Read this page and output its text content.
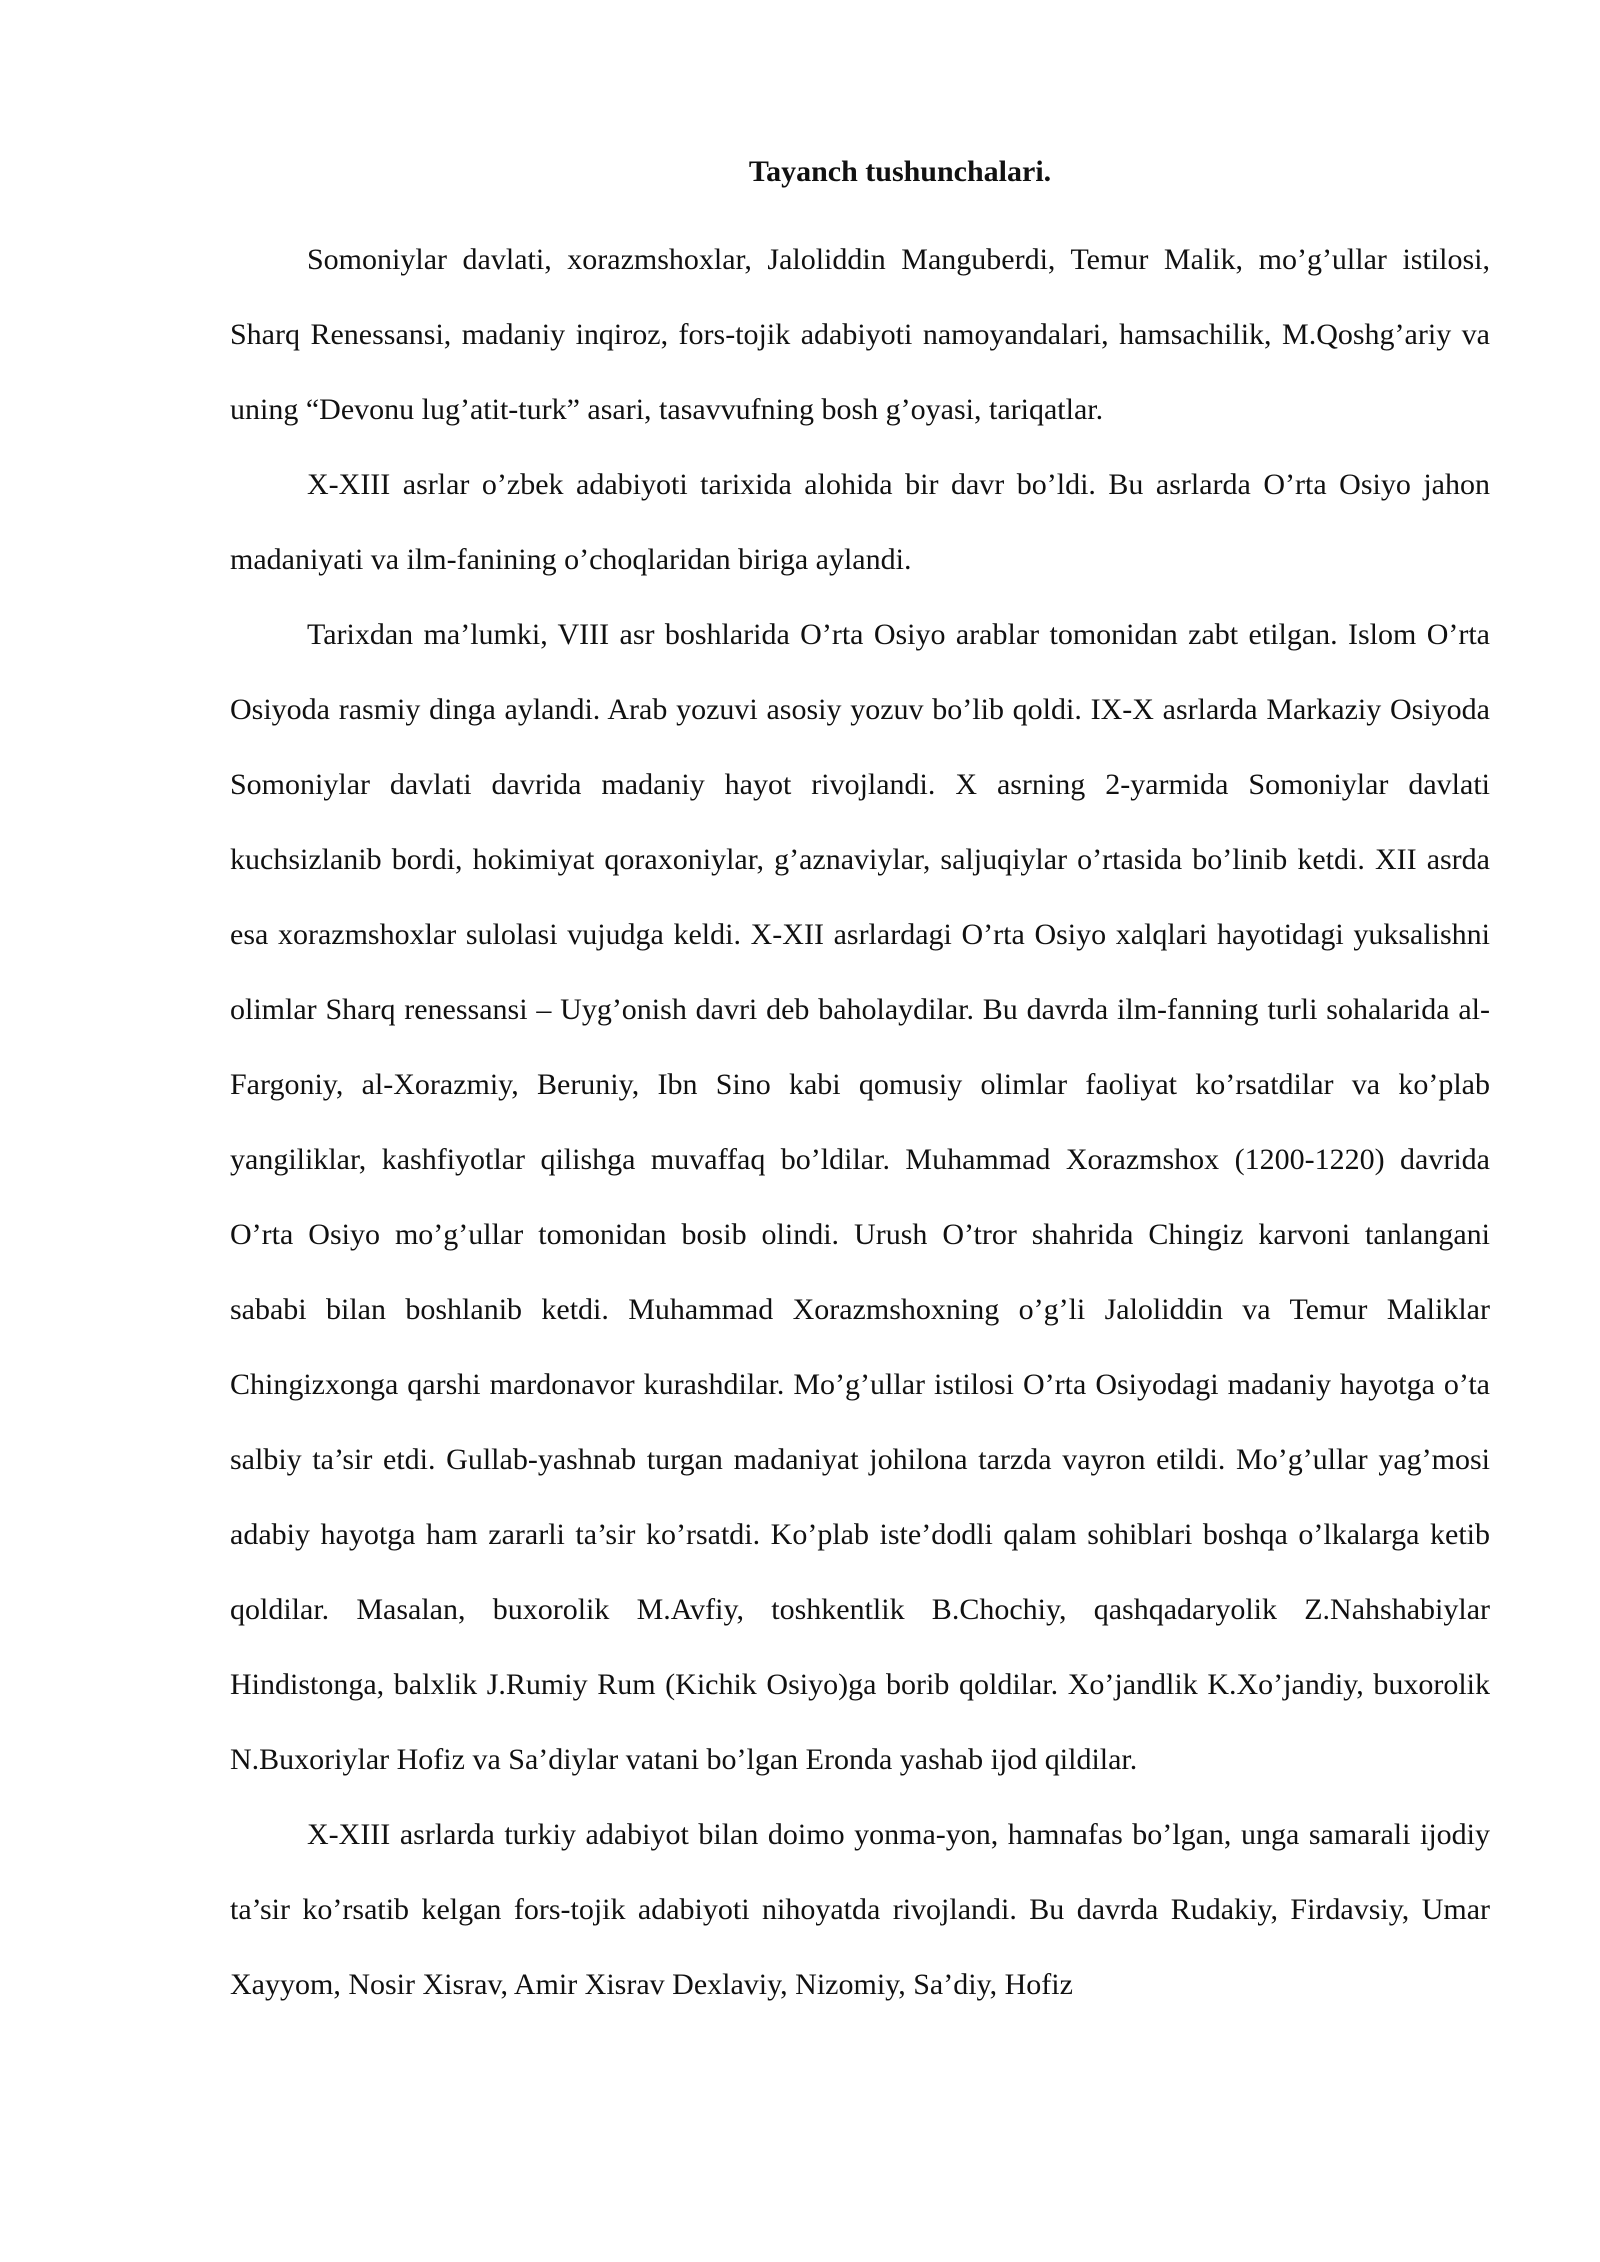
Tayanch tushunchalari.

Somoniylar davlati, xorazmshoxlar, Jaloliddin Manguberdi, Temur Malik, mo’g’ullar istilosi, Sharq Renessansi, madaniy inqiroz, fors-tojik adabiyoti namoyandalari, hamsachilik, M.Qoshg’ariy va uning “Devonu lug’atit-turk” asari, tasavvufning bosh g’oyasi, tariqatlar.

X-XIII asrlar o’zbek adabiyoti tarixida alohida bir davr bo’ldi. Bu asrlarda O’rta Osiyo jahon madaniyati va ilm-fanining o’choqlaridan biriga aylandi.

Tarixdan ma’lumki, VIII asr boshlarida O’rta Osiyo arablar tomonidan zabt etilgan. Islom O’rta Osiyoda rasmiy dinga aylandi. Arab yozuvi asosiy yozuv bo’lib qoldi. IX-X asrlarda Markaziy Osiyoda Somoniylar davlati davrida madaniy hayot rivojlandi. X asrning 2-yarmida Somoniylar davlati kuchsizlanib bordi, hokimiyat qoraxoniylar, g’aznaviylar, saljuqiylar o’rtasida bo’linib ketdi. XII asrda esa xorazmshoxlar sulolasi vujudga keldi. X-XII asrlardagi O’rta Osiyo xalqlari hayotidagi yuksalishni olimlar Sharq renessansi – Uyg’onish davri deb baholaydilar. Bu davrda ilm-fanning turli sohalarida al-Fargoniy, al-Xorazmiy, Beruniy, Ibn Sino kabi qomusiy olimlar faoliyat ko’rsatdilar va ko’plab yangiliklar, kashfiyotlar qilishga muvaffaq bo’ldilar. Muhammad Xorazmshox (1200-1220) davrida O’rta Osiyo mo’g’ullar tomonidan bosib olindi. Urush O’tror shahrida Chingiz karvoni tanlangani sababi bilan boshlanib ketdi. Muhammad Xorazmshoxning o’g’li Jaloliddin va Temur Maliklar Chingizxonga qarshi mardonavor kurashdilar. Mo’g’ullar istilosi O’rta Osiyodagi madaniy hayotga o’ta salbiy ta’sir etdi. Gullab-yashnab turgan madaniyat johilona tarzda vayron etildi. Mo’g’ullar yag’mosi adabiy hayotga ham zararli ta’sir ko’rsatdi. Ko’plab iste’dodli qalam sohiblari boshqa o’lkalarga ketib qoldilar. Masalan, buxorolik M.Avfiy, toshkentlik B.Chochiy, qashqadaryolik Z.Nahshabiylar Hindistonga, balxlik J.Rumiy Rum (Kichik Osiyo)ga borib qoldilar. Xo’jandlik K.Xo’jandiy, buxorolik N.Buxoriylar Hofiz va Sa’diylar vatani bo’lgan Eronda yashab ijod qildilar.

X-XIII asrlarda turkiy adabiyot bilan doimo yonma-yon, hamnafas bo’lgan, unga samarali ijodiy ta’sir ko’rsatib kelgan fors-tojik adabiyoti nihoyatda rivojlandi. Bu davrda Rudakiy, Firdavsiy, Umar Xayyom, Nosir Xisrav, Amir Xisrav Dexlaviy, Nizomiy, Sa’diy, Hofiz
